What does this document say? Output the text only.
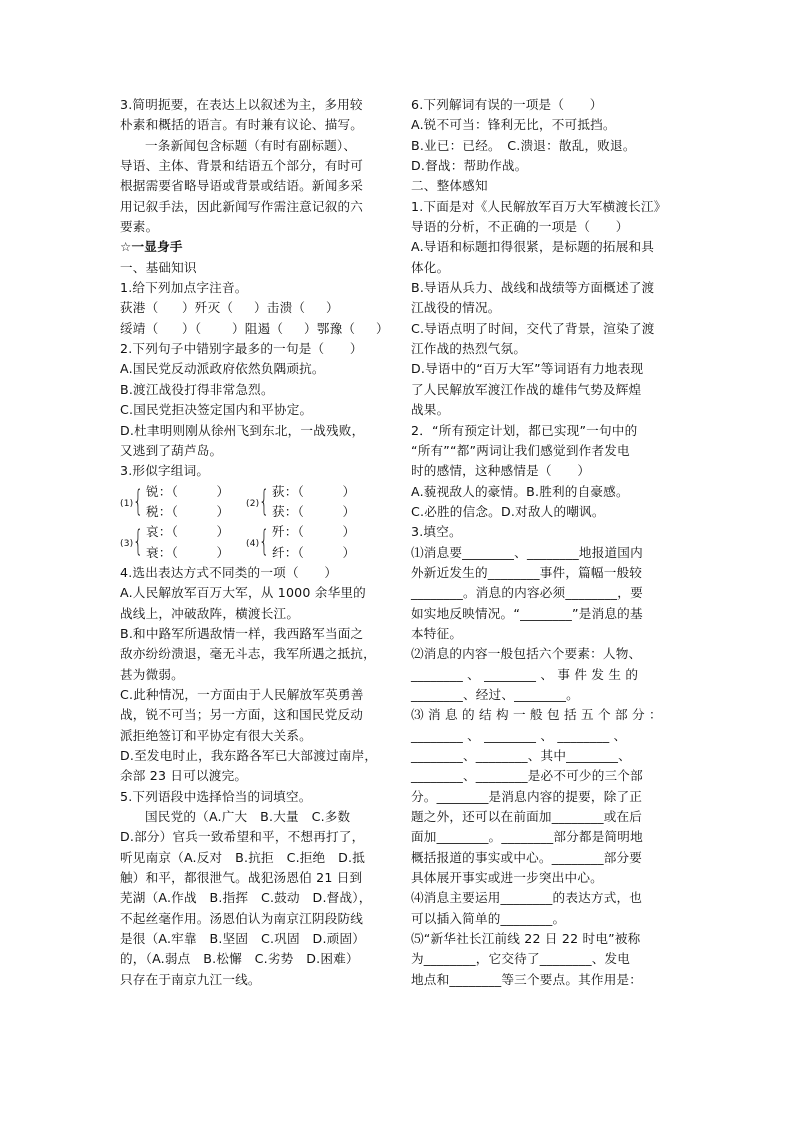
3.简明扼要，在表达上以叙述为主，多用较

朴素和概括的语言。有时兼有议论、描写。

一条新闻包含标题（有时有副标题）、

导语、主体、背景和结语五个部分，有时可

根据需要省略导语或背景或结语。新闻多采

用记叙手法，因此新闻写作需注意记叙的六

要素。

☆一显身手

一、基础知识

1.给下列加点字注音。

荻港（ ）歼灭（ ）击溃（ ）
绥靖（ ）（ ）阻遏（ ）鄂豫（ ）

2.下列句子中错别字最多的一句是（　　）

A.国民党反动派政府依然负隅顽抗。

B.渡江战役打得非常急烈。

C.国民党拒决签定国内和平协定。

D.杜聿明则刚从徐州飞到东北，一战残败，

又逃到了葫芦岛。

3.形似字组词。

(1) { 锐：（　　　）
税：（　　　）
(2) { 荻：（　　　）
获：（　　　）
(3) { 哀：（　　　）
衰：（　　　）
(4) { 歼：（　　　）
纤：（　　　）

4.选出表达方式不同类的一项（　　）

A.人民解放军百万大军，从 1000 余华里的

战线上，冲破敌阵，横渡长江。

B.和中路军所遇敌情一样，我西路军当面之

敌亦纷纷溃退，毫无斗志，我军所遇之抵抗，

甚为微弱。

C.此种情况，一方面由于人民解放军英勇善

战，锐不可当；另一方面，这和国民党反动

派拒绝签订和平协定有很大关系。

D.至发电时止，我东路各军已大部渡过南岸，

余部 23 日可以渡完。

5.下列语段中选择恰当的词填空。

国民党的（A.广大　B.大量　C.多数

D.部分）官兵一致希望和平，不想再打了，

听见南京（A.反对　B.抗拒　C.拒绝　D.抵

触）和平，都很泄气。战犯汤恩伯 21 日到

芜湖（A.作战　B.指挥　C.鼓动　D.督战），

不起丝毫作用。汤恩伯认为南京江阴段防线

是很（A.牢靠　B.坚固　C.巩固　D.顽固）

的，（A.弱点　B.松懈　C.劣势　D.困难）

只存在于南京九江一线。

6.下列解词有误的一项是（　　）

A.锐不可当：锋利无比，不可抵挡。

B.业已：已经。　C.溃退：散乱，败退。

D.督战：帮助作战。

二、整体感知

1.下面是对《人民解放军百万大军横渡长江》

导语的分析，不正确的一项是（　　）

A.导语和标题扣得很紧，是标题的拓展和具

体化。

B.导语从兵力、战线和战绩等方面概述了渡

江战役的情况。

C.导语点明了时间，交代了背景，渲染了渡

江作战的热烈气氛。

D.导语中的“百万大军”等词语有力地表现

了人民解放军渡江作战的雄伟气势及辉煌

战果。

2．“所有预定计划，都已实现”一句中的

“所有”“都”两词让我们感觉到作者发电

时的感情，这种感情是（　　）

A.藐视敌人的豪情。B.胜利的自豪感。

C.必胜的信念。D.对敌人的嘲讽。

3.填空。

⑴消息要________、________地报道国内

外新近发生的________事件，篇幅一般较

________。消息的内容必须________，要

如实地反映情况。“________”是消息的基

本特征。

⑵消息的内容一般包括六个要素：人物、

________ 、 ________ 、 事 件 发 生 的

________、经过、________。

⑶ 消 息 的 结 构 一 般 包 括 五 个 部 分 ：

________ 、 ________ 、 ________ 、

________、________、其中________、

________、________是必不可少的三个部

分。________是消息内容的提要，除了正

题之外，还可以在前面加________或在后

面加________。________部分都是简明地

概括报道的事实或中心。________部分要

具体展开事实或进一步突出中心。

⑷消息主要运用________的表达方式，也

可以插入简单的________。

⑸“新华社长江前线 22 日 22 时电”被称

为________，它交待了________、发电

地点和________等三个要点。其作用是：
